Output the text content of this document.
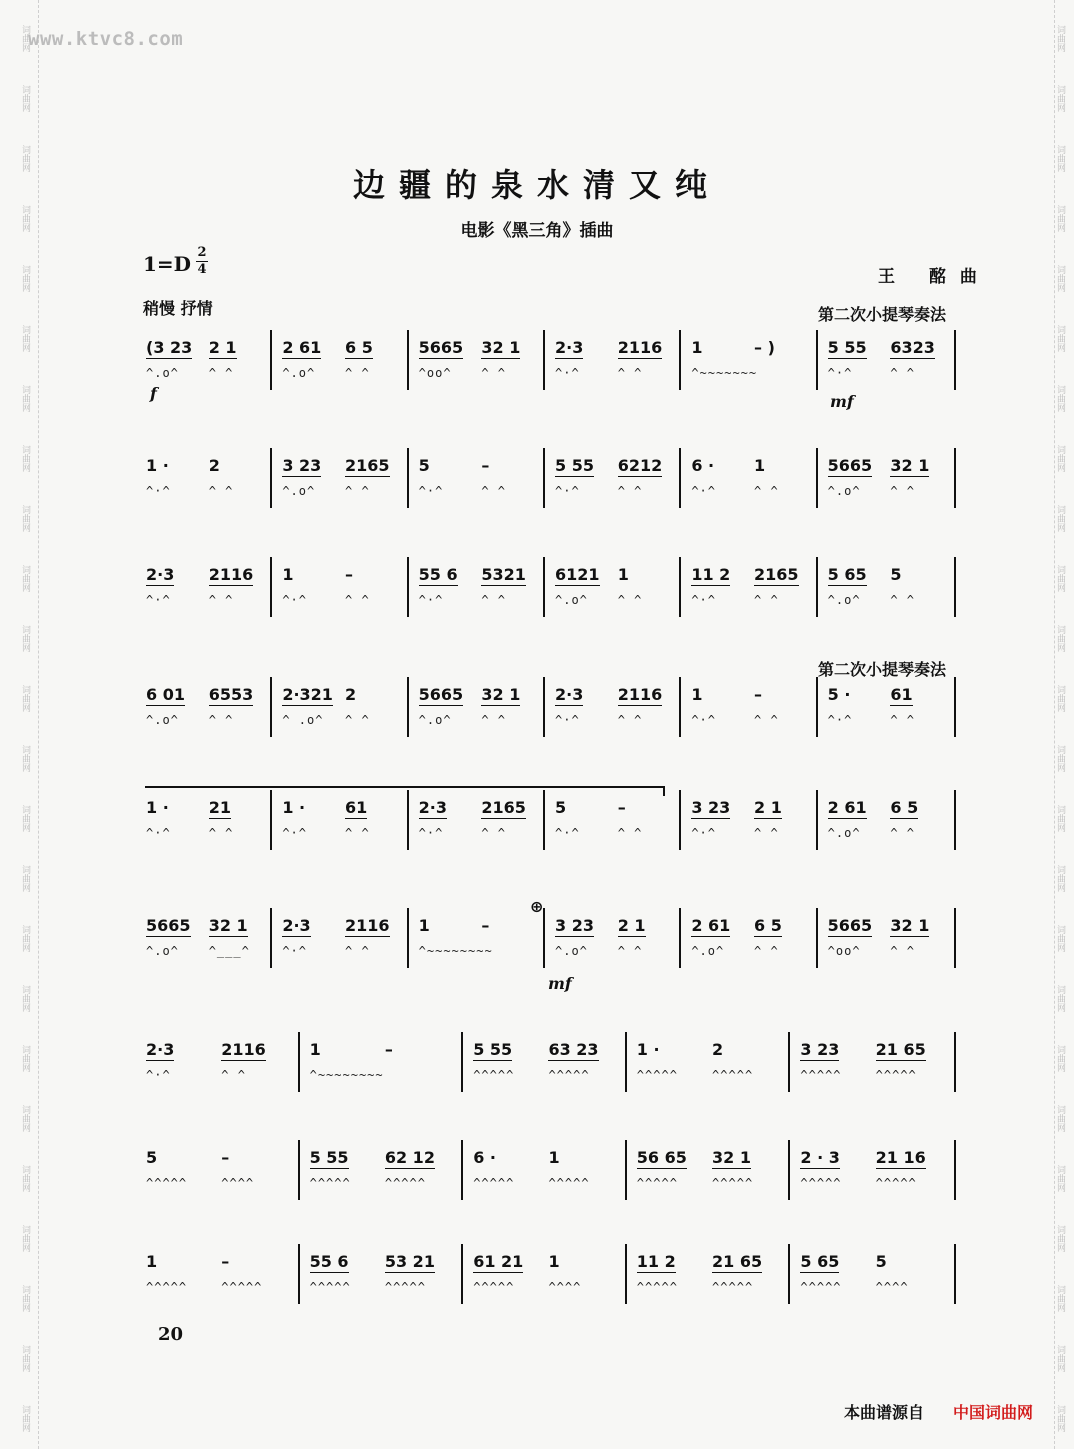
词曲网
词曲网
词曲网
词曲网
词曲网
词曲网
词曲网
词曲网
词曲网
词曲网
词曲网
词曲网
词曲网
词曲网
词曲网
词曲网
词曲网
词曲网
词曲网
词曲网
词曲网
词曲网
词曲网
词曲网
词曲网
词曲网
词曲网
词曲网
词曲网
词曲网
词曲网
词曲网
词曲网
词曲网
词曲网
词曲网
词曲网
词曲网
词曲网
词曲网
词曲网
词曲网
词曲网
词曲网
词曲网
词曲网
词曲网
词曲网
www.ktvc8.com
边疆的泉水清又纯
电影《黑三角》插曲
1=D 2
4	王 酩曲
稍慢 抒情	第二次小提琴奏法
第二次小提琴奏法
f	mf
mf
⊕
(3 23
^.o^
2 1
^ ^
2 61
^.o^
6 5
^ ^
5665
^oo^
32 1
^ ^
2·3
^·^
2116
^ ^
1
^~~~~~~~
– )	5 55
^·^
6323
^ ^
1 ·
^·^
2
^ ^
3 23
^.o^
2165
^ ^
5
^·^
–
^ ^
5 55
^·^
6212
^ ^
6 ·
^·^
1
^ ^
5665
^.o^
32 1
^ ^
2·3
^·^
2116
^ ^
1
^·^
–
^ ^
55 6
^·^
5321
^ ^
6121
^.o^
1
^ ^
11 2
^·^
2165
^ ^
5 65
^.o^
5
^ ^
6 01
^.o^
6553
^ ^
2·321
^ .o^
2
^ ^
5665
^.o^
32 1
^ ^
2·3
^·^
2116
^ ^
1
^·^
–
^ ^
5 ·
^·^
61
^ ^
1 ·
^·^
21
^ ^
1 ·
^·^
61
^ ^
2·3
^·^
2165
^ ^
5
^·^
–
^ ^
3 23
^·^
2 1
^ ^
2 61
^.o^
6 5
^ ^
5665
^.o^
32 1
^___^
2·3
^·^
2116
^ ^
1
^~~~~~~~~
–	3 23
^.o^
2 1
^ ^
2 61
^.o^
6 5
^ ^
5665
^oo^
32 1
^ ^
2·3
^·^
2116
^ ^
1
^~~~~~~~~
–	5 55
^^^^^
63 23
^^^^^
1 ·
^^^^^
2
^^^^^
3 23
^^^^^
21 65
^^^^^
5
^^^^^
–
^^^^
5 55
^^^^^
62 12
^^^^^
6 ·
^^^^^
1
^^^^^
56 65
^^^^^
32 1
^^^^^
2 · 3
^^^^^
21 16
^^^^^
1
^^^^^
–
^^^^^
55 6
^^^^^
53 21
^^^^^
61 21
^^^^^
1
^^^^
11 2
^^^^^
21 65
^^^^^
5 65
^^^^^
5
^^^^
20
本曲谱源自 中国词曲网
